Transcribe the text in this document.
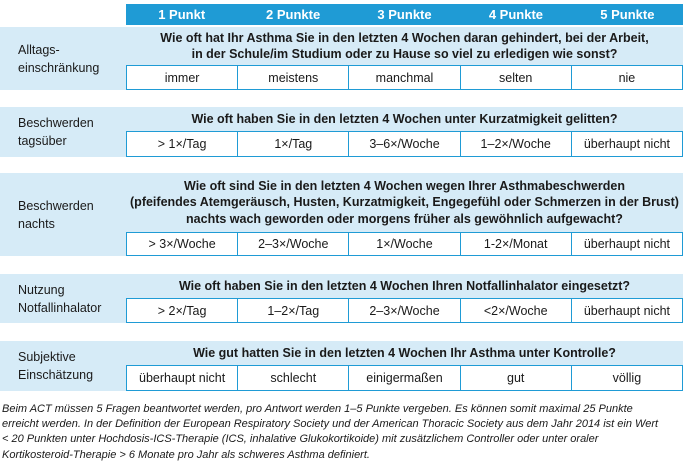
1 Punkt	2 Punkte	3 Punkte	4 Punkte	5 Punkte
Alltags-
einschränkung
Wie oft hat Ihr Asthma Sie in den letzten 4 Wochen daran gehindert, bei der Arbeit,
in der Schule/im Studium oder zu Hause so viel zu erledigen wie sonst?
immer	meistens	manchmal	selten	nie
Beschwerden
tagsüber
Wie oft haben Sie in den letzten 4 Wochen unter Kurzatmigkeit gelitten?
> 1×/Tag	1×/Tag	3–6×/Woche	1–2×/Woche	überhaupt nicht
Beschwerden
nachts
Wie oft sind Sie in den letzten 4 Wochen wegen Ihrer Asthmabeschwerden
(pfeifendes Atemgeräusch, Husten, Kurzatmigkeit, Engegefühl oder Schmerzen in der Brust)
nachts wach geworden oder morgens früher als gewöhnlich aufgewacht?
> 3×/Woche	2–3×/Woche	1×/Woche	1-2×/Monat	überhaupt nicht
Nutzung
Notfallinhalator
Wie oft haben Sie in den letzten 4 Wochen Ihren Notfallinhalator eingesetzt?
> 2×/Tag	1–2×/Tag	2–3×/Woche	<2×/Woche	überhaupt nicht
Subjektive
Einschätzung
Wie gut hatten Sie in den letzten 4 Wochen Ihr Asthma unter Kontrolle?
überhaupt nicht	schlecht	einigermaßen	gut	völlig
Beim ACT müssen 5 Fragen beantwortet werden, pro Antwort werden 1–5 Punkte vergeben. Es können somit maximal 25 Punkte
erreicht werden. In der Definition der European Respiratory Society und der American Thoracic Society aus dem Jahr 2014 ist ein Wert
< 20 Punkten unter Hochdosis-ICS-Therapie (ICS, inhalative Glukokortikoide) mit zusätzlichem Controller oder unter oraler
Kortikosteroid-Therapie > 6 Monate pro Jahr als schweres Asthma definiert.
